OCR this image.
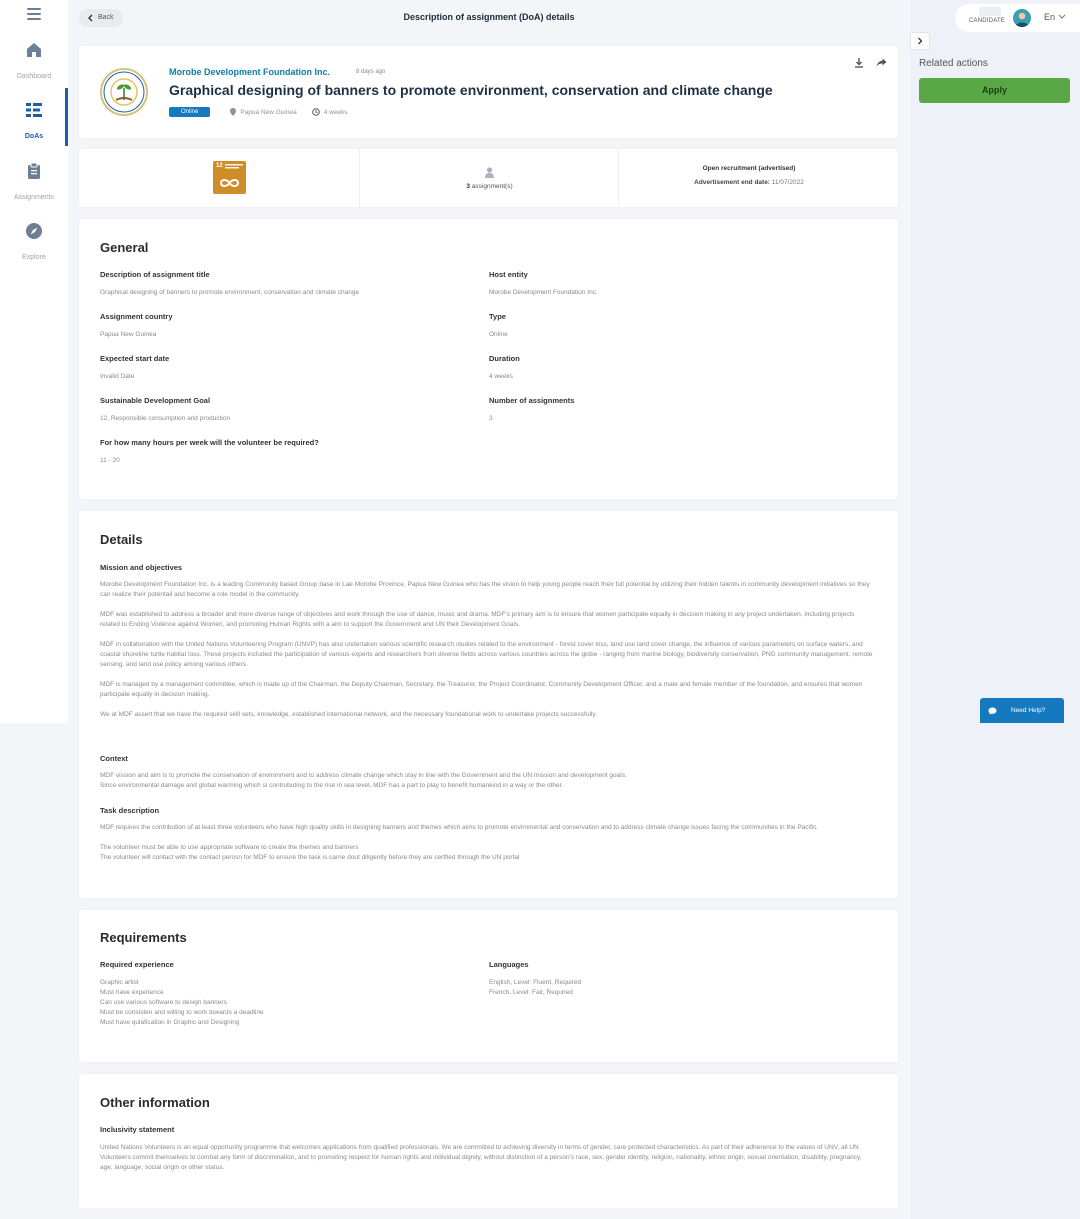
Dashboard
DoAs
Assignments
Explore
Back	Description of assignment (DoA) details
Morobe Development Foundation Inc.	8 days ago
Graphical designing of banners to promote environment, conservation and climate change
Online	Papua New Guinea	4 weeks
12
3 assignment(s)
Open recruitment (advertised)
Advertisement end date: 11/07/2022
General
Description of assignment title
Graphical designing of banners to promote environment, conservation and climate change
Host entity
Morobe Development Foundation Inc.
Assignment country
Papua New Guinea
Type
Online
Expected start date
Invalid Date
Duration
4 weeks
Sustainable Development Goal
12. Responsible consumption and production
Number of assignments
3
For how many hours per week will the volunteer be required?
11 - 20
Details
Mission and objectives
Morobe Development Foundation Inc. is a leading Community based Group base in Lae Morobe Province, Papua New Guinea who has the vision to help young people reach their full potential by utilizing their hidden talents in community development initiatives so they can realize their potentail and become a role model in the community.
MDF was established to address a broader and more diverse range of objectives and work through the use of dance, music and drama. MDF's primary aim is to ensure that women participate equally in decision making in any project undertaken, including projects related to Ending Violence against Women, and promoting Human Rights with a aim to support the Government and UN their Development Goals.
MDF in collaboration with the United Nations Volunteering Program (UNVP) has also undertaken various scientific research studies related to the environment - forest cover loss, land use land cover change, the influence of various parameters on surface waters, and coastal shoreline turtle habitat loss. These projects included the participation of various experts and researchers from diverse fields across various countries across the globe - ranging from marine biology, biodiversity conservation, PNG community management, remote sensing, and land use policy among various others.
MDF is managed by a management committee, which is made up of the Chairman, the Deputy Chairman, Secretary, the Treasurer, the Project Coordinator, Community Development Officer, and a male and female member of the foundation, and ensures that women participate equally in decision making.
We at MDF assert that we have the required skill sets, knowledge, established international network, and the necessary foundational work to undertake projects successfully.
Context
MDF vission and aim is to promote the conservation of environment and to address climate change which stay in line with the Government and the UN mission and development goals.
Since environmental damage and global warming which si contrubuting to the rise in sea level, MDF has a part to play to benefit humankind in a way or the other.
Task description
MDF requires the contribution of at least three volunteers who have high quality skills in designing banners and themes which aims to promote envirnmental and conservation and to address climate change issues facing the communities in the Pacific.
The volunteer must be able to use appropriate software to create the themes and banners
The volunteer will contact with the contact perosn for MDF to ensure the task is carrie dout diligenlty before they are certfied through the UN portal
Requirements
Required experience
Graphic artist
Must have experience
Can use various software to design banners
Must be consisten and willing to work towards a deadline
Must have qulafication in Graphic and Designing
Languages
English, Level: Fluent, Required
French, Level: Fair, Required
Other information
Inclusivity statement
United Nations Volunteers is an equal opportunity programme that welcomes applications from qualified professionals. We are committed to achieving diversity in terms of gender, care protected characteristics. As part of their adherence to the values of UNV, all UN Volunteers commit themselves to combat any form of discrimination, and to promoting respect for human rights and individual dignity, without distinction of a person's race, sex, gender identity, religion, nationality, ethnic origin, sexual orientation, disability, pregnancy, age, language, social origin or other status.
CANDIDATE	En
Related actions
Apply
Need Help?
